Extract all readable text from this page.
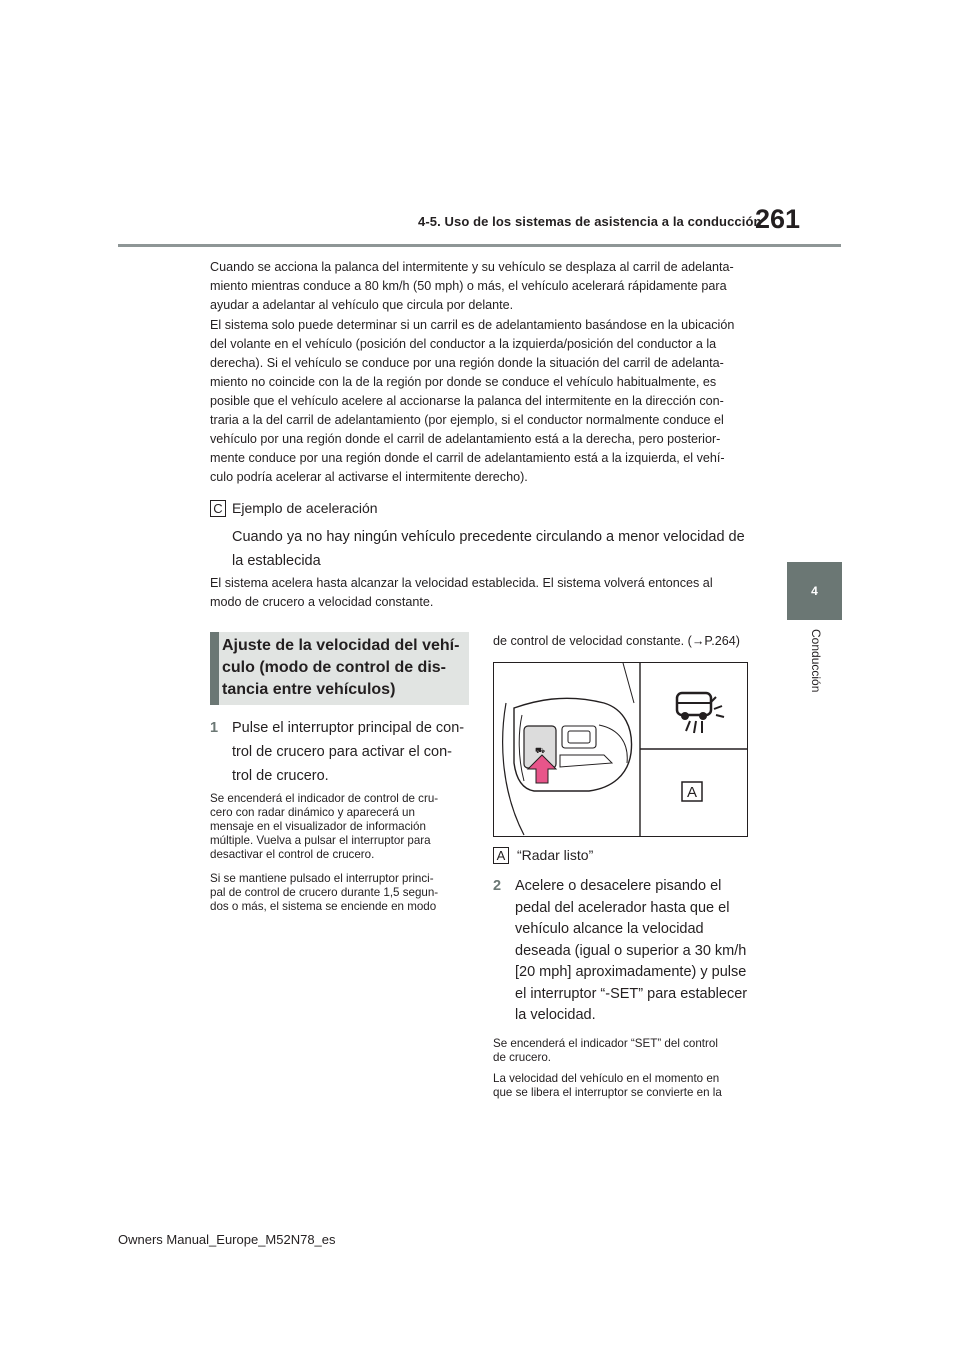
4-5. Uso de los sistemas de asistencia a la conducción
261
4
Conducción

Cuando se acciona la palanca del intermitente y su vehículo se desplaza al carril de adelanta-

miento mientras conduce a 80 km/h (50 mph) o más, el vehículo acelerará rápidamente para

ayudar a adelantar al vehículo que circula por delante.

El sistema solo puede determinar si un carril es de adelantamiento basándose en la ubicación

del volante en el vehículo (posición del conductor a la izquierda/posición del conductor a la

derecha). Si el vehículo se conduce por una región donde la situación del carril de adelanta-

miento no coincide con la de la región por donde se conduce el vehículo habitualmente, es

posible que el vehículo acelere al accionarse la palanca del intermitente en la dirección con-

traria a la del carril de adelantamiento (por ejemplo, si el conductor normalmente conduce el

vehículo por una región donde el carril de adelantamiento está a la derecha, pero posterior-

mente conduce por una región donde el carril de adelantamiento está a la izquierda, el vehí-

culo podría acelerar al activarse el intermitente derecho).

C Ejemplo de aceleración
Cuando ya no hay ningún vehículo precedente circulando a menor velocidad de
la establecida
El sistema acelera hasta alcanzar la velocidad establecida. El sistema volverá entonces al
modo de crucero a velocidad constante.
Ajuste de la velocidad del vehí-
culo (modo de control de dis-
tancia entre vehículos)
1 Pulse el interruptor principal de con-
trol de crucero para activar el con-
trol de crucero.
Se encenderá el indicador de control de cru-
cero con radar dinámico y aparecerá un
mensaje en el visualizador de información
múltiple. Vuelva a pulsar el interruptor para
desactivar el control de crucero.
Si se mantiene pulsado el interruptor princi-
pal de control de crucero durante 1,5 segun-
dos o más, el sistema se enciende en modo
de control de velocidad constante. (→P.264)
⛟
A
A “Radar listo”
2 Acelere o desacelere pisando el
pedal del acelerador hasta que el
vehículo alcance la velocidad
deseada (igual o superior a 30 km/h
[20 mph] aproximadamente) y pulse
el interruptor “-SET” para establecer
la velocidad.
Se encenderá el indicador “SET” del control
de crucero.
La velocidad del vehículo en el momento en
que se libera el interruptor se convierte en la
Owners Manual_Europe_M52N78_es
